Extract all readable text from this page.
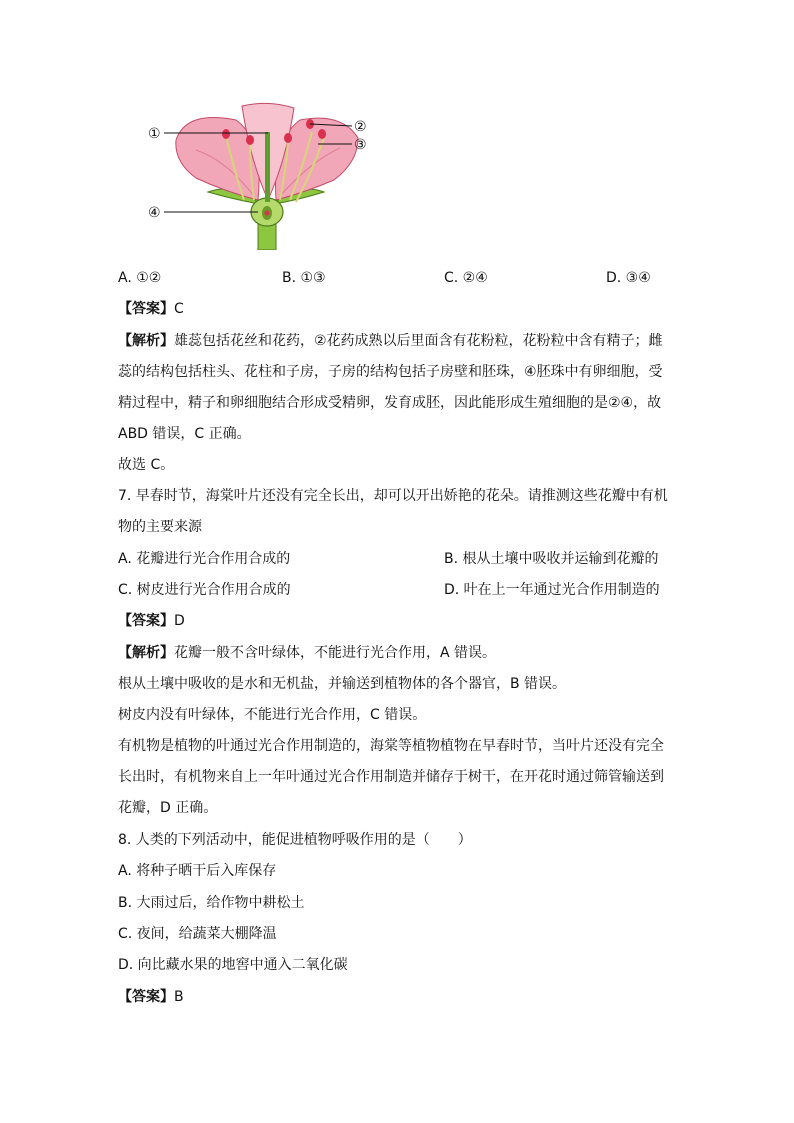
①	②
③
④
A. ①②	B. ①③	C. ②④	D. ③④
【答案】C
【解析】雄蕊包括花丝和花药，②花药成熟以后里面含有花粉粒，花粉粒中含有精子；雌
蕊的结构包括柱头、花柱和子房，子房的结构包括子房壁和胚珠，④胚珠中有卵细胞，受
精过程中，精子和卵细胞结合形成受精卵，发育成胚，因此能形成生殖细胞的是②④，故
ABD 错误，C 正确。
故选 C。
7. 早春时节，海棠叶片还没有完全长出，却可以开出娇艳的花朵。请推测这些花瓣中有机
物的主要来源
A. 花瓣进行光合作用合成的	B. 根从土壤中吸收并运输到花瓣的
C. 树皮进行光合作用合成的	D. 叶在上一年通过光合作用制造的
【答案】D
【解析】花瓣一般不含叶绿体，不能进行光合作用，A 错误。
根从土壤中吸收的是水和无机盐，并输送到植物体的各个器官，B 错误。
树皮内没有叶绿体，不能进行光合作用，C 错误。
有机物是植物的叶通过光合作用制造的，海棠等植物植物在早春时节，当叶片还没有完全
长出时，有机物来自上一年叶通过光合作用制造并储存于树干，在开花时通过筛管输送到
花瓣，D 正确。
8. 人类的下列活动中，能促进植物呼吸作用的是（　　）
A. 将种子晒干后入库保存
B. 大雨过后，给作物中耕松土
C. 夜间，给蔬菜大棚降温
D. 向比藏水果的地窖中通入二氧化碳
【答案】B
